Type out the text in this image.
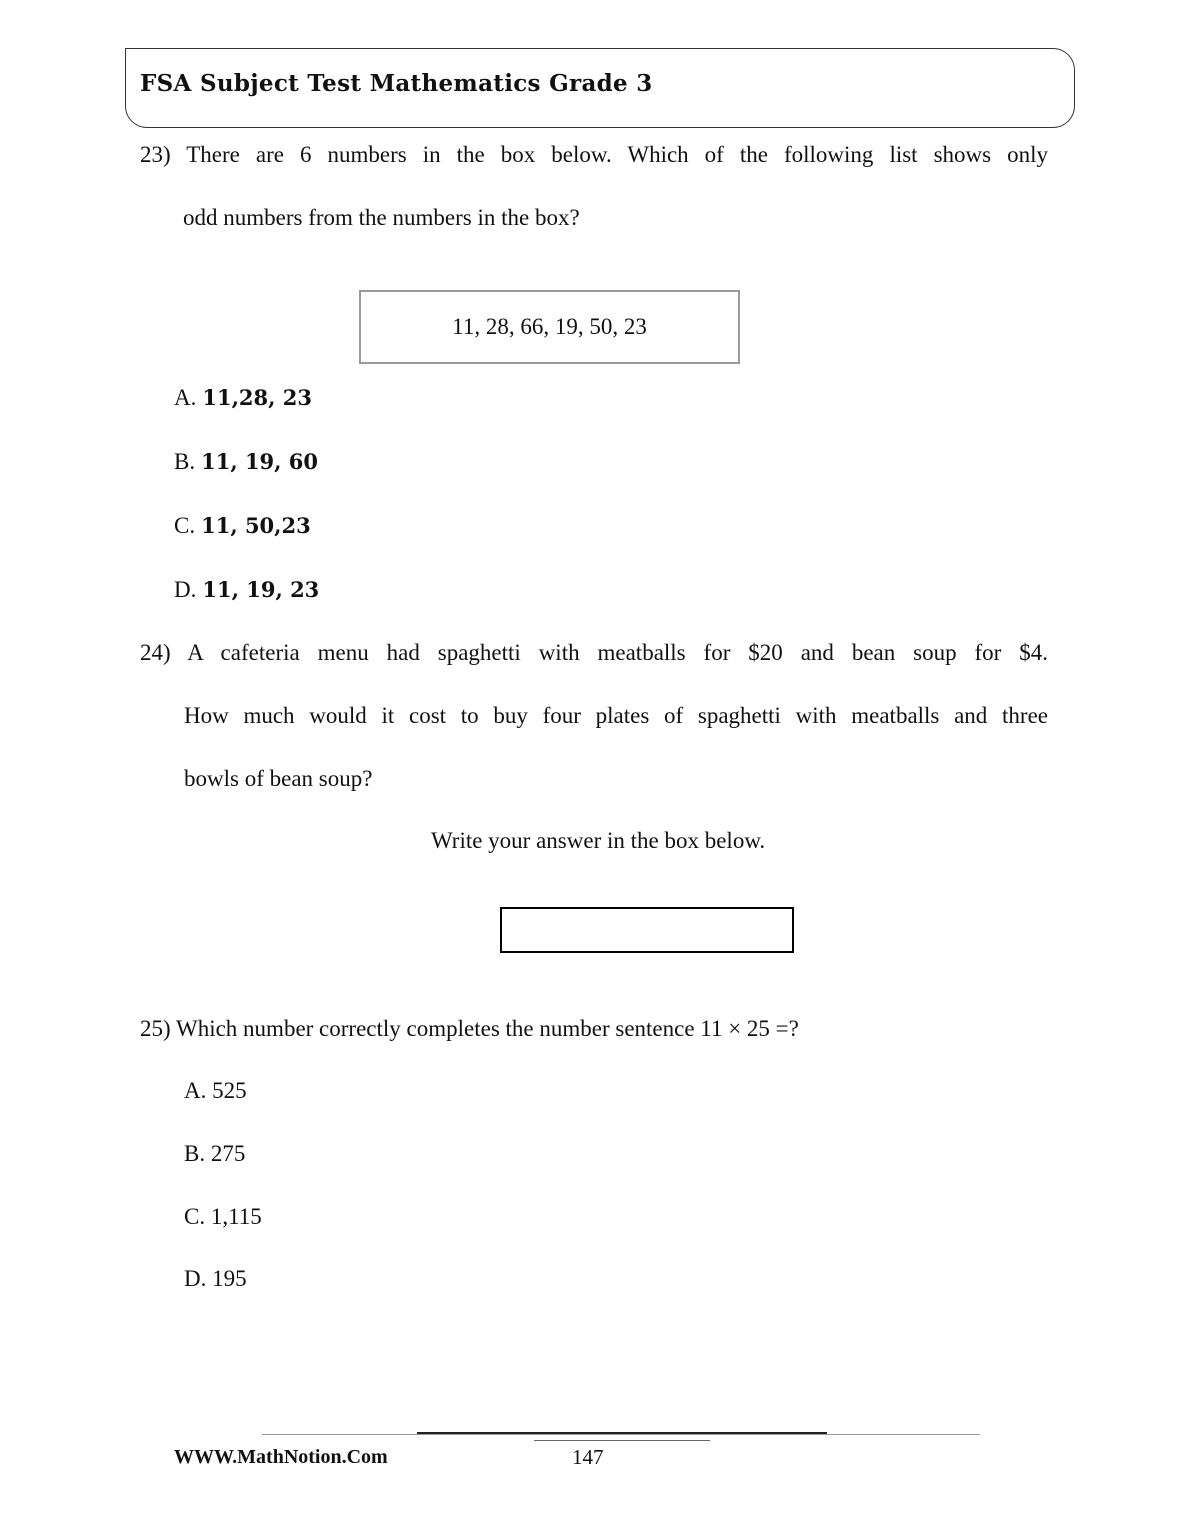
FSA Subject Test Mathematics Grade 3
23) There are 6 numbers in the box below. Which of the following list shows only
odd numbers from the numbers in the box?
11, 28, 66, 19, 50, 23
A. 11,28, 23
B. 11, 19, 60
C. 11, 50,23
D. 11, 19, 23
24) A cafeteria menu had spaghetti with meatballs for $20 and bean soup for $4.
How much would it cost to buy four plates of spaghetti with meatballs and three
bowls of bean soup?
Write your answer in the box below.
25) Which number correctly completes the number sentence 11 × 25 =?
A. 525
B. 275
C. 1,115
D. 195
WWW.MathNotion.Com	147
